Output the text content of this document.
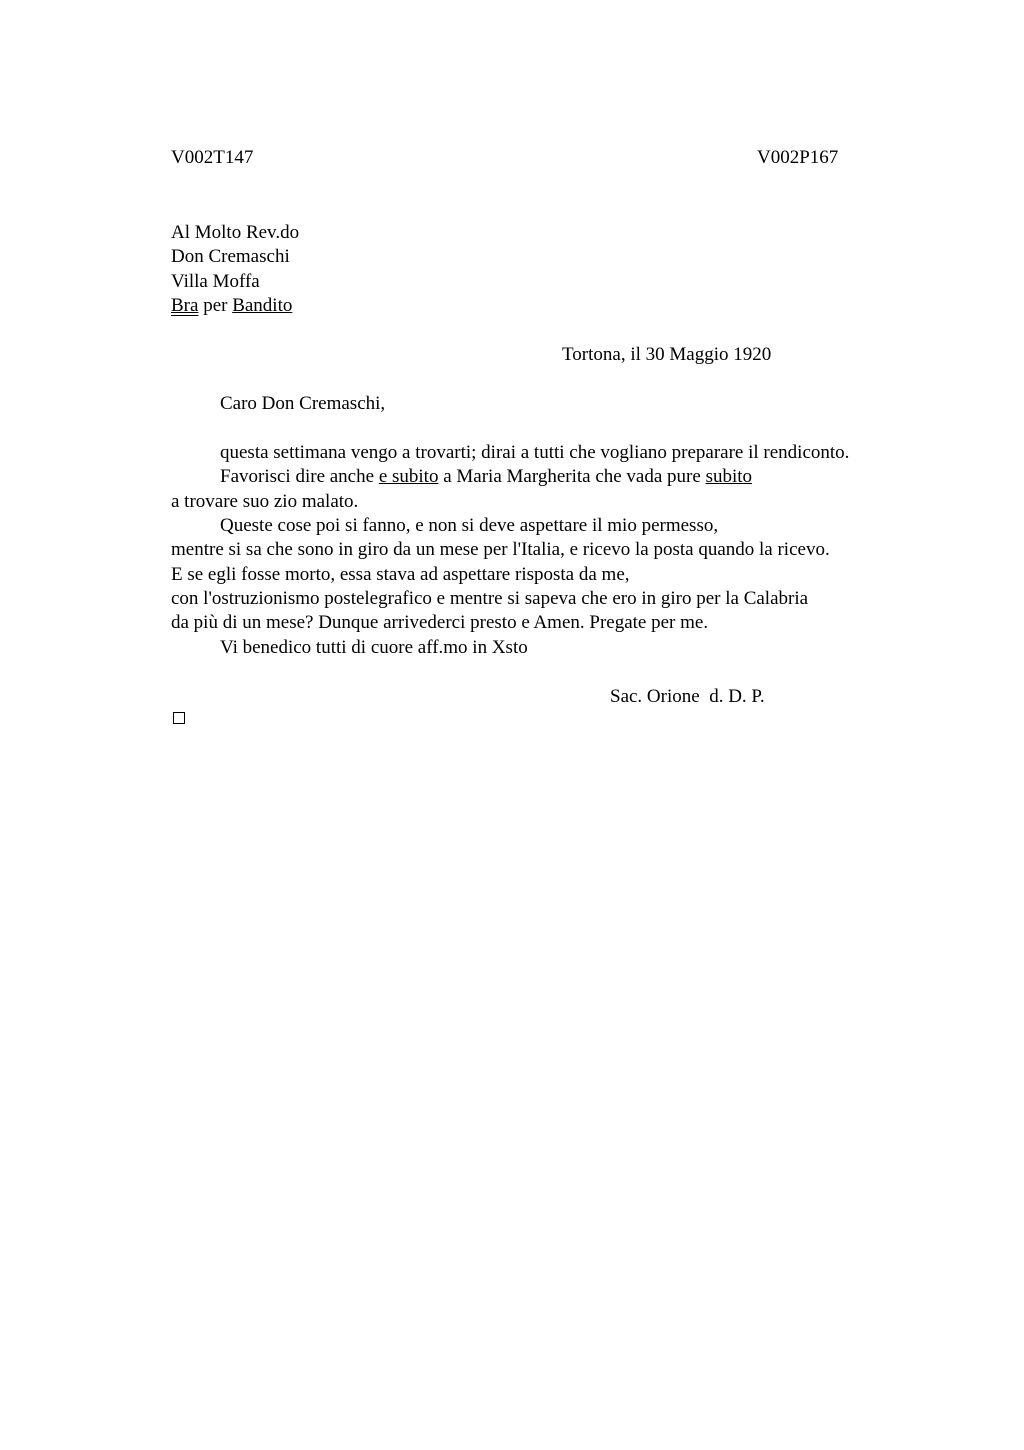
V002T147	V002P167
Al Molto Rev.do
Don Cremaschi
Villa Moffa
Bra per Bandito
Tortona, il 30 Maggio 1920
Caro Don Cremaschi,
questa settimana vengo a trovarti; dirai a tutti che vogliano preparare il rendiconto.
Favorisci dire anche e subito a Maria Margherita che vada pure subito
a trovare suo zio malato.
Queste cose poi si fanno, e non si deve aspettare il mio permesso,
mentre si sa che sono in giro da un mese per l'Italia, e ricevo la posta quando la ricevo.
E se egli fosse morto, essa stava ad aspettare risposta da me,
con l'ostruzionismo postelegrafico e mentre si sapeva che ero in giro per la Calabria
da più di un mese? Dunque arrivederci presto e Amen. Pregate per me.
Vi benedico tutti di cuore aff.mo in Xsto
Sac. Orione  d. D. P.
